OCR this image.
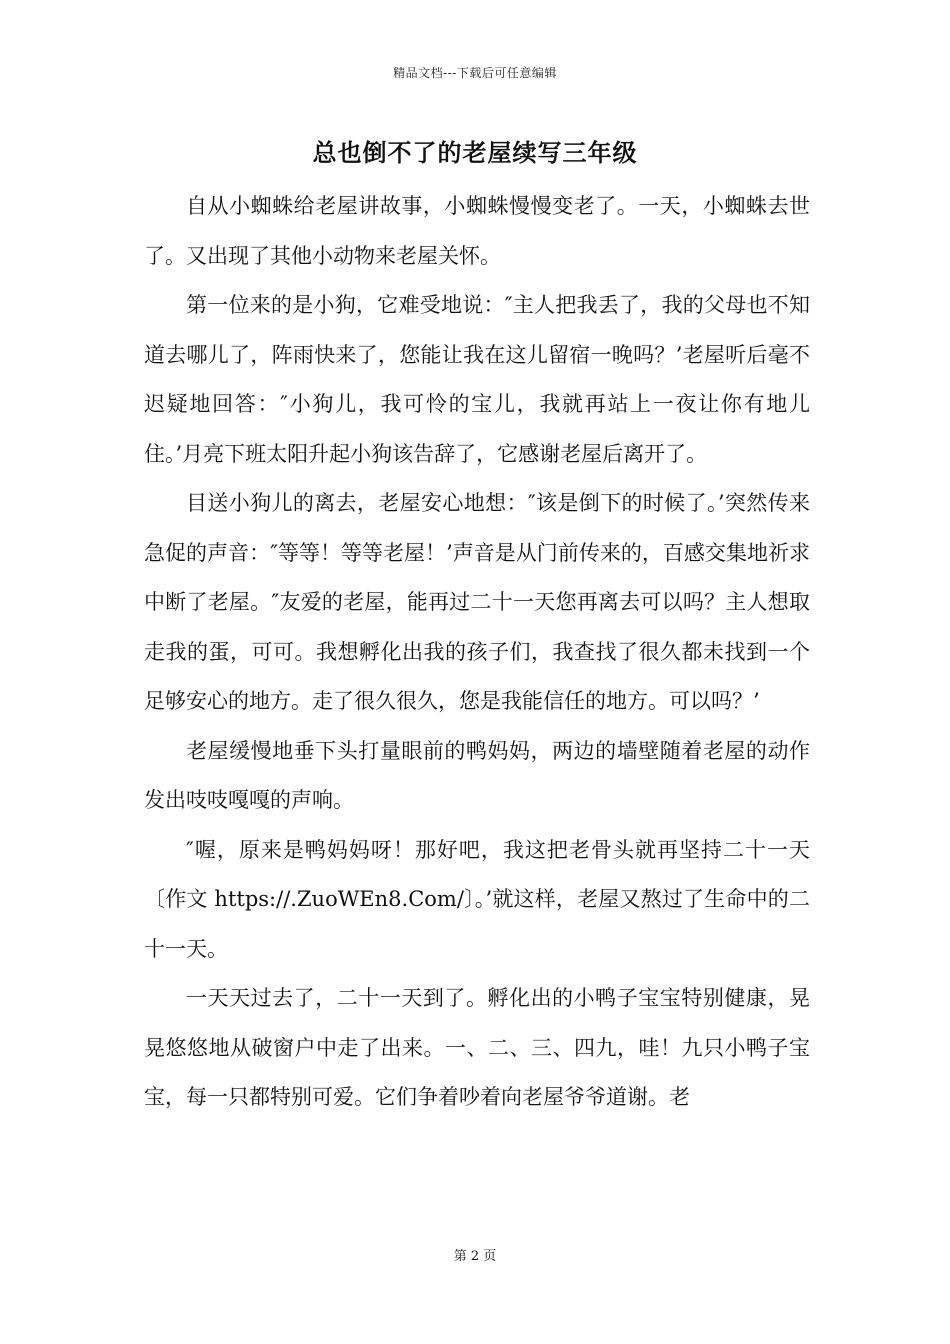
精品文档---下载后可任意编辑
总也倒不了的老屋续写三年级

自从小蜘蛛给老屋讲故事，小蜘蛛慢慢变老了。一天，小蜘蛛去世了。又出现了其他小动物来老屋关怀。

第一位来的是小狗，它难受地说：″主人把我丢了，我的父母也不知道去哪儿了，阵雨快来了，您能让我在这儿留宿一晚吗？’老屋听后毫不迟疑地回答：″小狗儿，我可怜的宝儿，我就再站上一夜让你有地儿住。’月亮下班太阳升起小狗该告辞了，它感谢老屋后离开了。

目送小狗儿的离去，老屋安心地想：″该是倒下的时候了。’突然传来急促的声音：″等等！等等老屋！’声音是从门前传来的，百感交集地祈求中断了老屋。″友爱的老屋，能再过二十一天您再离去可以吗？主人想取走我的蛋，可可。我想孵化出我的孩子们，我查找了很久都未找到一个足够安心的地方。走了很久很久，您是我能信任的地方。可以吗？’

老屋缓慢地垂下头打量眼前的鸭妈妈，两边的墙壁随着老屋的动作发出吱吱嘎嘎的声响。

″喔，原来是鸭妈妈呀！那好吧，我这把老骨头就再坚持二十一天〔作文 https://.ZuoWEn8.Com/〕。’就这样，老屋又熬过了生命中的二十一天。

一天天过去了，二十一天到了。孵化出的小鸭子宝宝特别健康，晃晃悠悠地从破窗户中走了出来。一、二、三、四九，哇！九只小鸭子宝宝，每一只都特别可爱。它们争着吵着向老屋爷爷道谢。老

第 2 页
